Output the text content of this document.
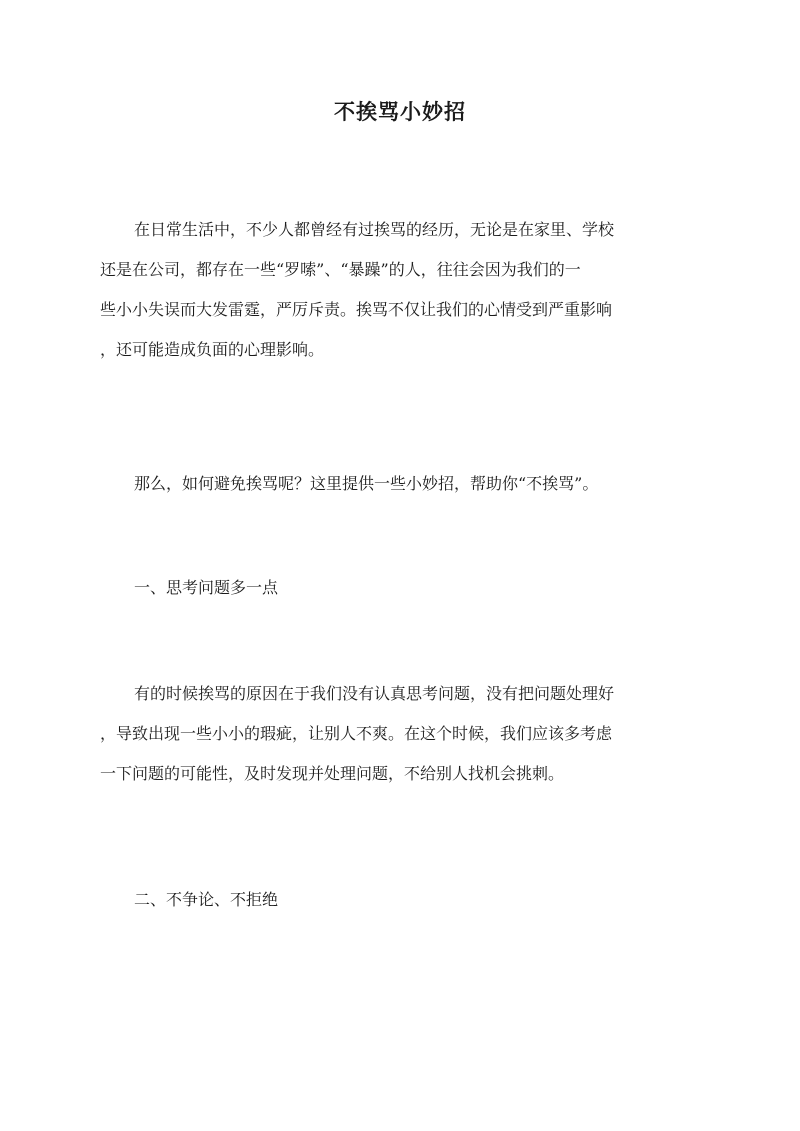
不挨骂小妙招
在日常生活中，不少人都曾经有过挨骂的经历，无论是在家里、学校
还是在公司，都存在一些“罗嗦”、“暴躁”的人，往往会因为我们的一
些小小失误而大发雷霆，严厉斥责。挨骂不仅让我们的心情受到严重影响
，还可能造成负面的心理影响。
那么，如何避免挨骂呢？这里提供一些小妙招，帮助你“不挨骂”。
一、思考问题多一点
有的时候挨骂的原因在于我们没有认真思考问题，没有把问题处理好
，导致出现一些小小的瑕疵，让别人不爽。在这个时候，我们应该多考虑
一下问题的可能性，及时发现并处理问题，不给别人找机会挑刺。
二、不争论、不拒绝
